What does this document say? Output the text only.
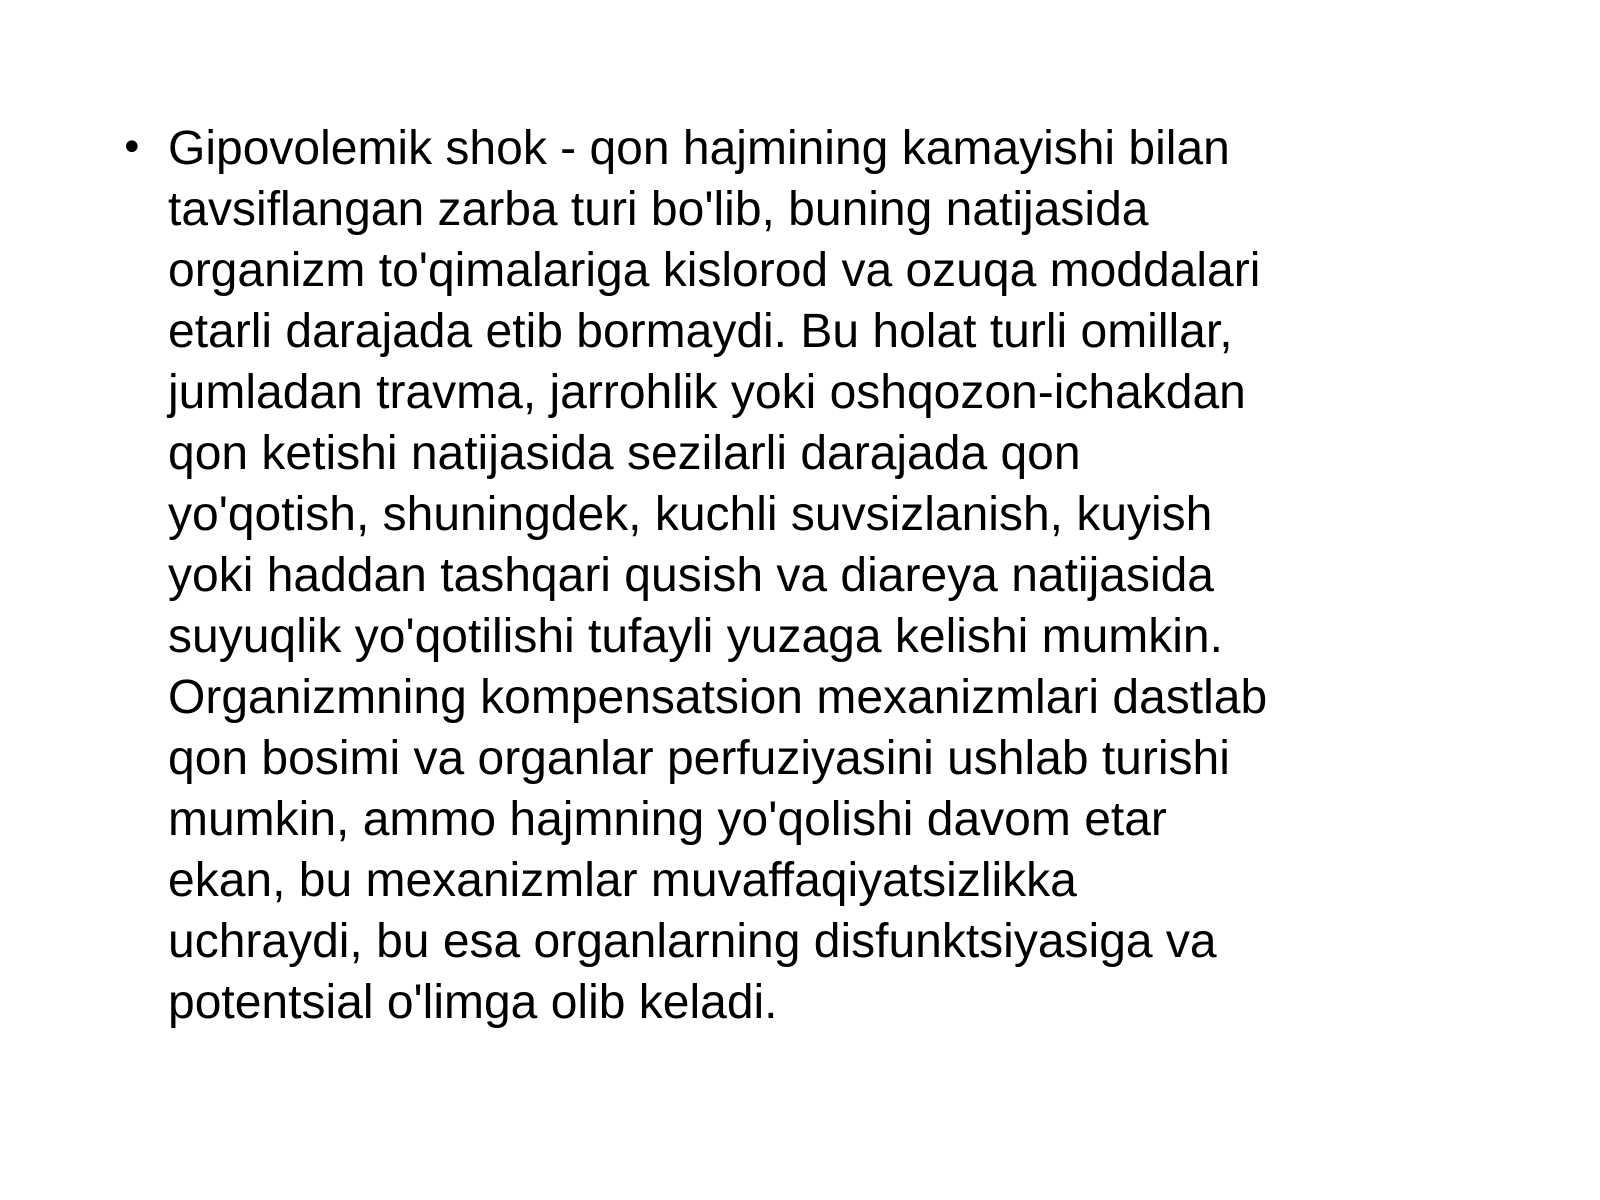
• Gipovolemik shok - qon hajmining kamayishi bilan
tavsiflangan zarba turi bo'lib, buning natijasida
organizm to'qimalariga kislorod va ozuqa moddalari
etarli darajada etib bormaydi. Bu holat turli omillar,
jumladan travma, jarrohlik yoki oshqozon-ichakdan
qon ketishi natijasida sezilarli darajada qon
yo'qotish, shuningdek, kuchli suvsizlanish, kuyish
yoki haddan tashqari qusish va diareya natijasida
suyuqlik yo'qotilishi tufayli yuzaga kelishi mumkin.
Organizmning kompensatsion mexanizmlari dastlab
qon bosimi va organlar perfuziyasini ushlab turishi
mumkin, ammo hajmning yo'qolishi davom etar
ekan, bu mexanizmlar muvaffaqiyatsizlikka
uchraydi, bu esa organlarning disfunktsiyasiga va
potentsial o'limga olib keladi.
